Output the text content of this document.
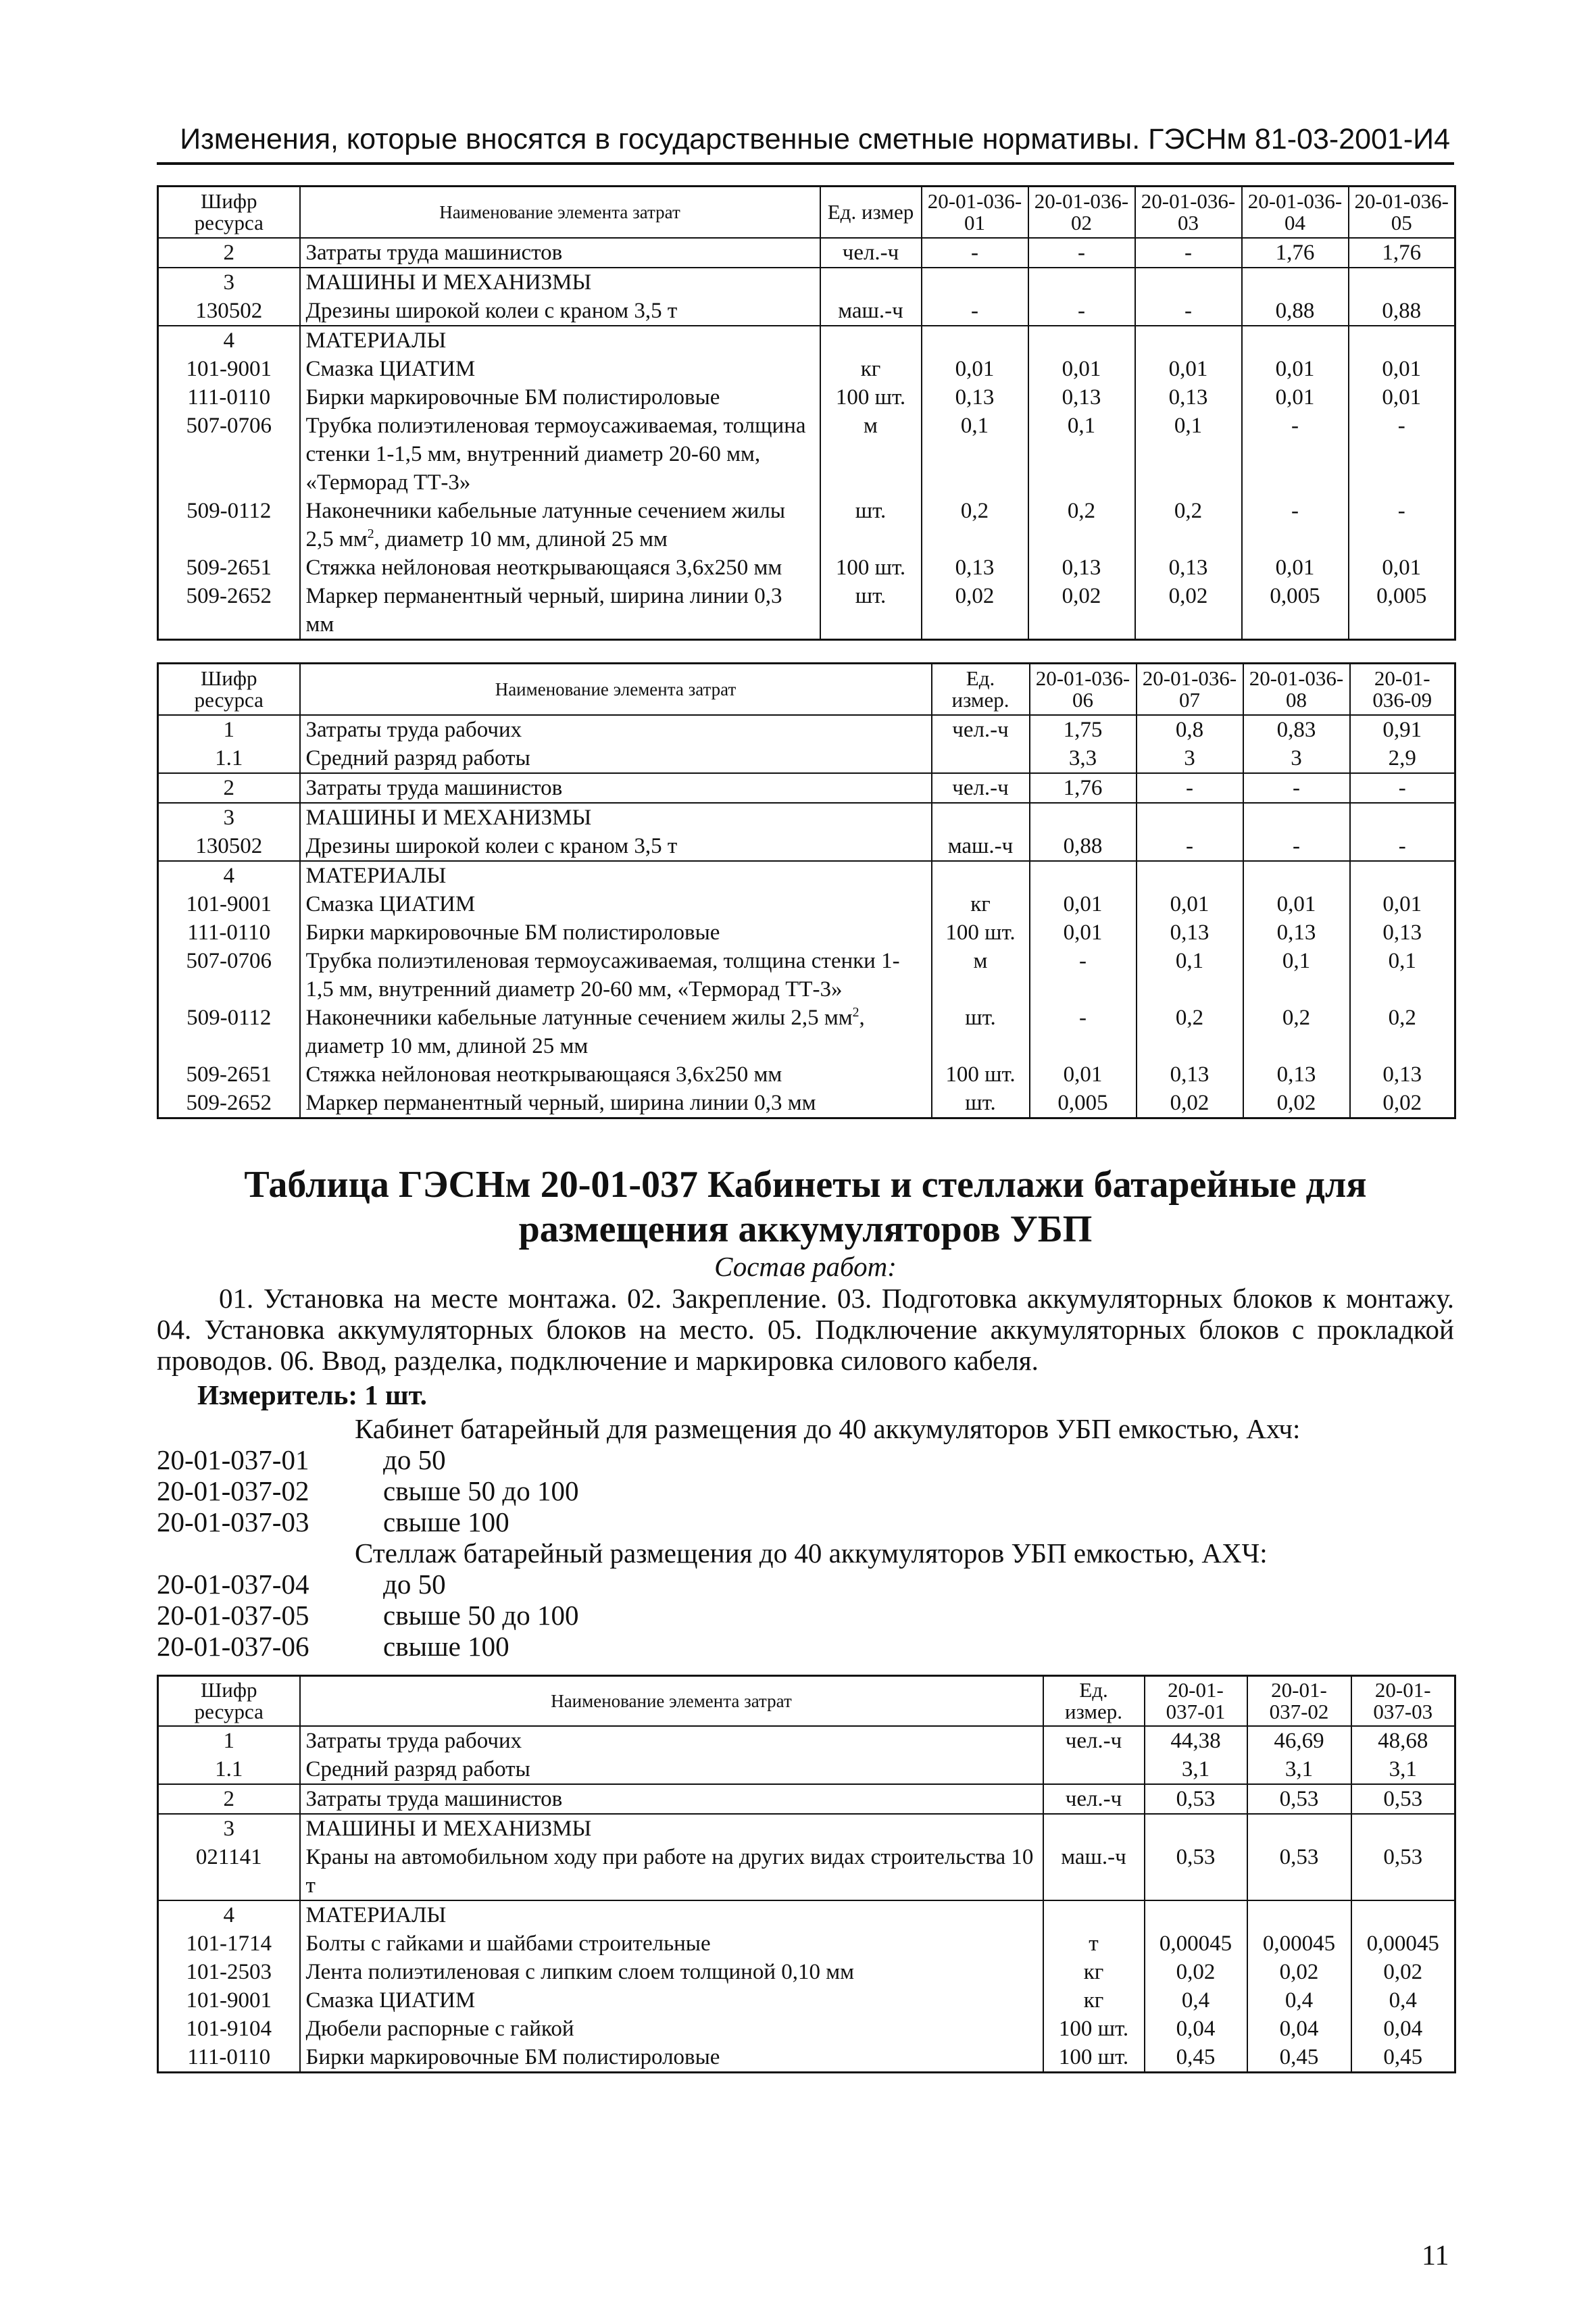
Изменения, которые вносятся в государственные сметные нормативы. ГЭСНм 81-03-2001-И4
Шифр ресурса	Наименование элемента затрат	Ед. измер	20-01-036-01	20-01-036-02	20-01-036-03	20-01-036-04	20-01-036-05
2	Затраты труда машинистов	чел.-ч	-	-	-	1,76	1,76
3	МАШИНЫ И МЕХАНИЗМЫ						
130502	Дрезины широкой колеи с краном 3,5 т	маш.-ч	-	-	-	0,88	0,88
4	МАТЕРИАЛЫ						
101-9001	Смазка ЦИАТИМ	кг	0,01	0,01	0,01	0,01	0,01
111-0110	Бирки маркировочные БМ полистироловые	100 шт.	0,13	0,13	0,13	0,01	0,01
507-0706	Трубка полиэтиленовая термоусаживаемая, толщина стенки 1-1,5 мм, внутренний диаметр 20-60 мм, «Терморад ТТ-3»	м	0,1	0,1	0,1	-	-
509-0112	Наконечники кабельные латунные сечением жилы 2,5 $мм^2$, диаметр 10 мм, длиной 25 мм	шт.	0,2	0,2	0,2	-	-
509-2651	Стяжка нейлоновая неоткрывающаяся 3,6х250 мм	100 шт.	0,13	0,13	0,13	0,01	0,01
509-2652	Маркер перманентный черный, ширина линии 0,3 мм	шт.	0,02	0,02	0,02	0,005	0,005
Шифр ресурса	Наименование элемента затрат	Ед. измер.	20-01-036-06	20-01-036-07	20-01-036-08	20-01-036-09
1	Затраты труда рабочих	чел.-ч	1,75	0,8	0,83	0,91
1.1	Средний разряд работы		3,3	3	3	2,9
2	Затраты труда машинистов	чел.-ч	1,76	-	-	-
3	МАШИНЫ И МЕХАНИЗМЫ					
130502	Дрезины широкой колеи с краном 3,5 т	маш.-ч	0,88	-	-	-
4	МАТЕРИАЛЫ					
101-9001	Смазка ЦИАТИМ	кг	0,01	0,01	0,01	0,01
111-0110	Бирки маркировочные БМ полистироловые	100 шт.	0,01	0,13	0,13	0,13
507-0706	Трубка полиэтиленовая термоусаживаемая, толщина стенки 1-1,5 мм, внутренний диаметр 20-60 мм, «Терморад ТТ-3»	м	-	0,1	0,1	0,1
509-0112	Наконечники кабельные латунные сечением жилы 2,5 $мм^2$, диаметр 10 мм, длиной 25 мм	шт.	-	0,2	0,2	0,2
509-2651	Стяжка нейлоновая неоткрывающаяся 3,6х250 мм	100 шт.	0,01	0,13	0,13	0,13
509-2652	Маркер перманентный черный, ширина линии 0,3 мм	шт.	0,005	0,02	0,02	0,02
Таблица ГЭСНм 20-01-037 Кабинеты и стеллажи батарейные для размещения аккумуляторов УБП
Состав работ:
01. Установка на месте монтажа. 02. Закрепление. 03. Подготовка аккумуляторных блоков к монтажу. 04. Установка аккумуляторных блоков на место. 05. Подключение аккумуляторных блоков с прокладкой проводов. 06. Ввод, разделка, подключение и маркировка силового кабеля.
Измеритель: 1 шт.
Кабинет батарейный для размещения до 40 аккумуляторов УБП емкостью, Ахч:
20-01-037-01	до 50
20-01-037-02	свыше 50 до 100
20-01-037-03	свыше 100
Стеллаж батарейный размещения до 40 аккумуляторов УБП емкостью, АХЧ:
20-01-037-04	до 50
20-01-037-05	свыше 50 до 100
20-01-037-06	свыше 100
Шифр ресурса	Наименование элемента затрат	Ед. измер.	20-01-037-01	20-01-037-02	20-01-037-03
1	Затраты труда рабочих	чел.-ч	44,38	46,69	48,68
1.1	Средний разряд работы		3,1	3,1	3,1
2	Затраты труда машинистов	чел.-ч	0,53	0,53	0,53
3	МАШИНЫ И МЕХАНИЗМЫ				
021141	Краны на автомобильном ходу при работе на других видах строительства 10 т	маш.-ч	0,53	0,53	0,53
4	МАТЕРИАЛЫ				
101-1714	Болты с гайками и шайбами строительные	т	0,00045	0,00045	0,00045
101-2503	Лента полиэтиленовая с липким слоем толщиной 0,10 мм	кг	0,02	0,02	0,02
101-9001	Смазка ЦИАТИМ	кг	0,4	0,4	0,4
101-9104	Дюбели распорные с гайкой	100 шт.	0,04	0,04	0,04
111-0110	Бирки маркировочные БМ полистироловые	100 шт.	0,45	0,45	0,45
11
